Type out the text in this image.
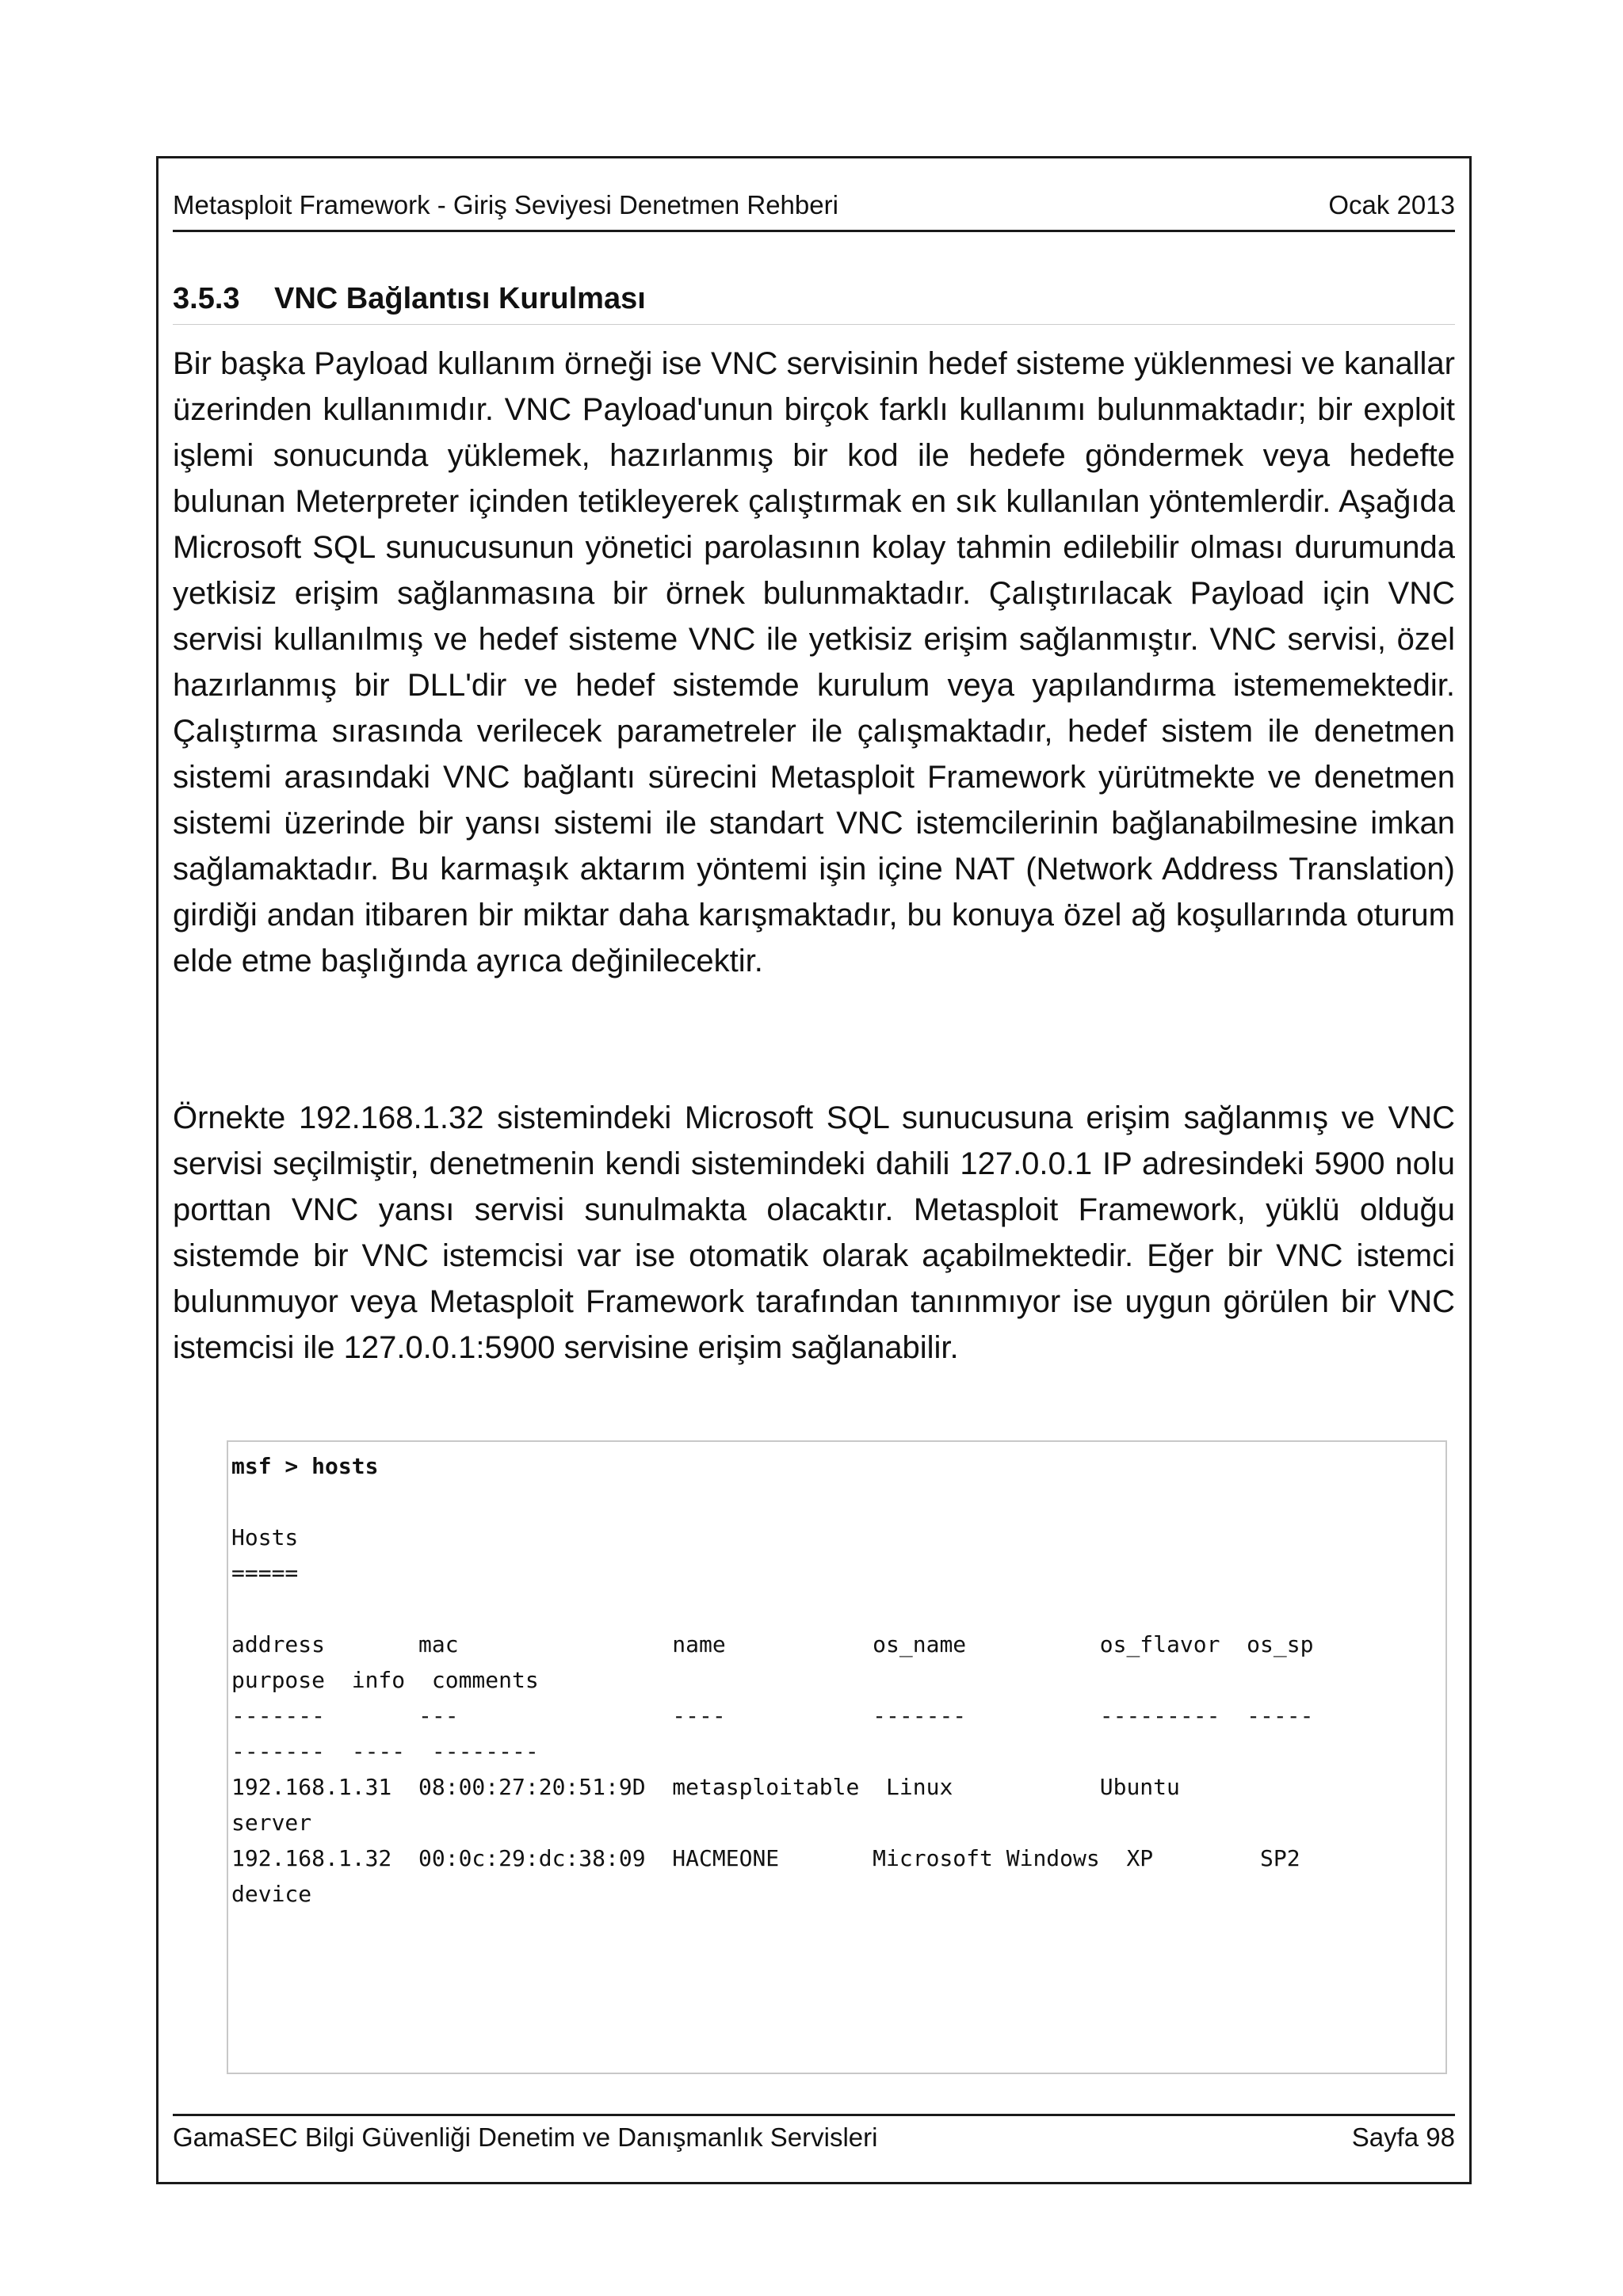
Metasploit Framework - Giriş Seviyesi Denetmen Rehberi	Ocak 2013
3.5.3	VNC Bağlantısı Kurulması

Bir başka Payload kullanım örneği ise VNC servisinin hedef sisteme yüklenmesi ve kanallar üzerinden kullanımıdır. VNC Payload'unun birçok farklı kullanımı bulunmaktadır; bir exploit işlemi sonucunda yüklemek, hazırlanmış bir kod ile hedefe göndermek veya hedefte bulunan Meterpreter içinden tetikleyerek çalıştırmak en sık kullanılan yöntemlerdir. Aşağıda Microsoft SQL sunucusunun yönetici parolasının kolay tahmin edilebilir olması durumunda yetkisiz erişim sağlanmasına bir örnek bulunmaktadır. Çalıştırılacak Payload için VNC servisi kullanılmış ve hedef sisteme VNC ile yetkisiz erişim sağlanmıştır. VNC servisi, özel hazırlanmış bir DLL'dir ve hedef sistemde kurulum veya yapılandırma istememektedir. Çalıştırma sırasında verilecek parametreler ile çalışmaktadır, hedef sistem ile denetmen sistemi arasındaki VNC bağlantı sürecini Metasploit Framework yürütmekte ve denetmen sistemi üzerinde bir yansı sistemi ile standart VNC istemcilerinin bağlanabilmesine imkan sağlamaktadır. Bu karmaşık aktarım yöntemi işin içine NAT (Network Address Translation) girdiği andan itibaren bir miktar daha karışmaktadır, bu konuya özel ağ koşullarında oturum elde etme başlığında ayrıca değinilecektir.

Örnekte 192.168.1.32 sistemindeki Microsoft SQL sunucusuna erişim sağlanmış ve VNC servisi seçilmiştir, denetmenin kendi sistemindeki dahili 127.0.0.1 IP adresindeki 5900 nolu porttan VNC yansı servisi sunulmakta olacaktır. Metasploit Framework, yüklü olduğu sistemde bir VNC istemcisi var ise otomatik olarak açabilmektedir. Eğer bir VNC istemci bulunmuyor veya Metasploit Framework tarafından tanınmıyor ise uygun görülen bir VNC istemcisi ile 127.0.0.1:5900 servisine erişim sağlanabilir.

msf > hosts
Hosts
=====
address       mac                name           os_name          os_flavor  os_sp
purpose  info  comments
-------       ---                ----           -------          ---------  -----
-------  ----  --------
192.168.1.31  08:00:27:20:51:9D  metasploitable  Linux           Ubuntu
server
192.168.1.32  00:0c:29:dc:38:09  HACMEONE       Microsoft Windows  XP        SP2
device
GamaSEC Bilgi Güvenliği Denetim ve Danışmanlık Servisleri	Sayfa 98
